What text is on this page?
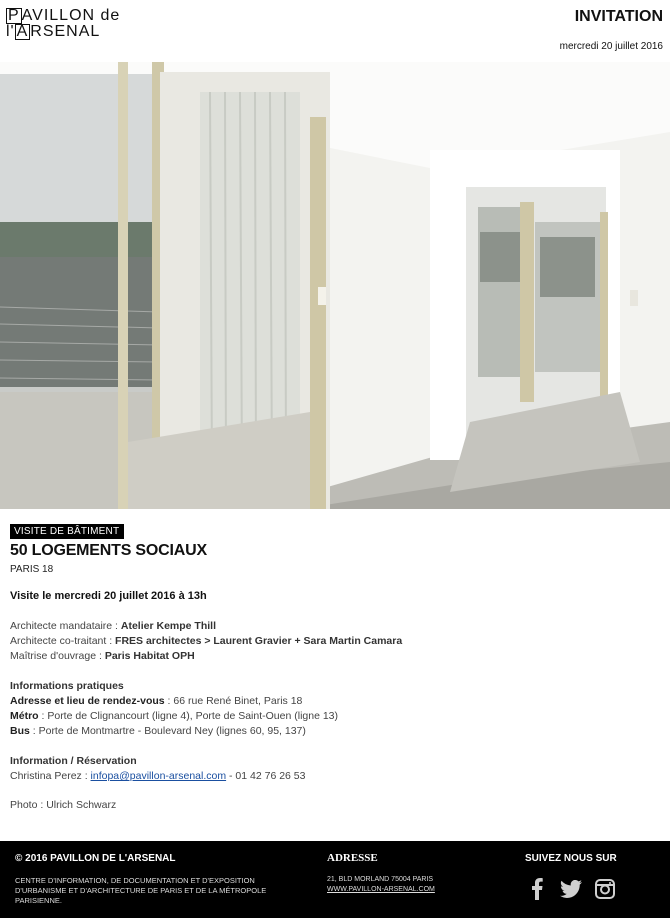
P AVILLON de
l' A RSENAL
INVITATION
mercredi 20 juillet 2016
VISITE DE BÂTIMENT
50 LOGEMENTS SOCIAUX
PARIS 18
Visite le mercredi 20 juillet 2016 à 13h
Architecte mandataire : Atelier Kempe Thill
Architecte co-traitant : FRES architectes > Laurent Gravier + Sara Martin Camara
Maîtrise d'ouvrage : Paris Habitat OPH
Informations pratiques
Adresse et lieu de rendez-vous : 66 rue René Binet, Paris 18
Métro : Porte de Clignancourt (ligne 4), Porte de Saint-Ouen (ligne 13)
Bus : Porte de Montmartre - Boulevard Ney (lignes 60, 95, 137)
Information / Réservation
Christina Perez : infopa@pavillon-arsenal.com - 01 42 76 26 53
Photo : Ulrich Schwarz
© 2016 PAVILLON DE L'ARSENAL
CENTRE D'INFORMATION, DE DOCUMENTATION ET D'EXPOSITION D'URBANISME ET D'ARCHITECTURE DE PARIS ET DE LA MÉTROPOLE PARISIENNE.
ADRESSE
21, BLD MORLAND 75004 PARIS
WWW.PAVILLON-ARSENAL.COM
SUIVEZ NOUS SUR
